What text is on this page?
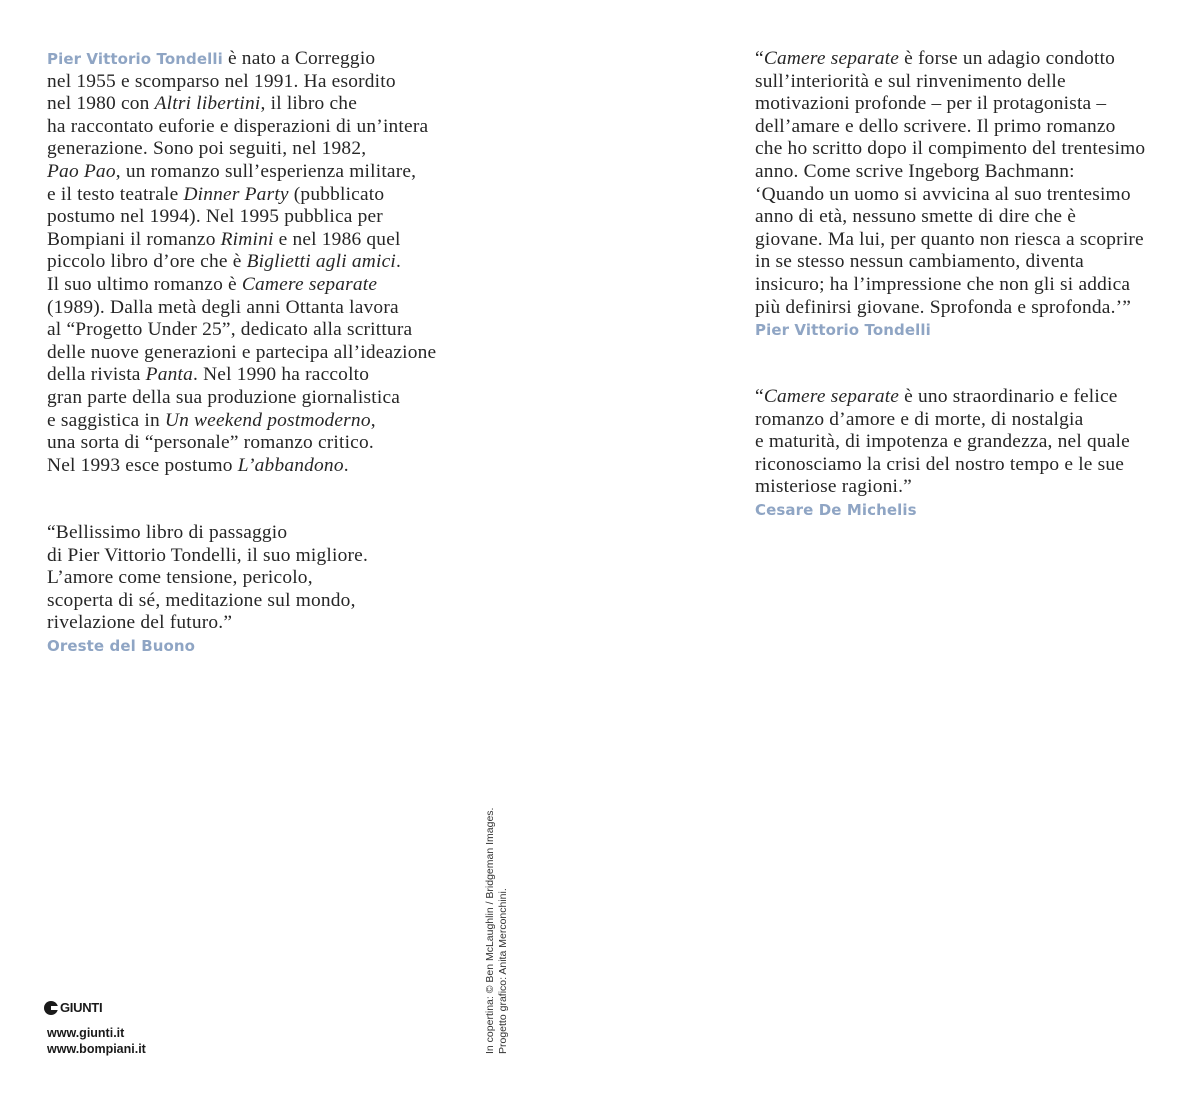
Pier Vittorio Tondelli è nato a Correggio
nel 1955 e scomparso nel 1991. Ha esordito
nel 1980 con Altri libertini, il libro che
ha raccontato euforie e disperazioni di un’intera
generazione. Sono poi seguiti, nel 1982,
Pao Pao, un romanzo sull’esperienza militare,
e il testo teatrale Dinner Party (pubblicato
postumo nel 1994). Nel 1995 pubblica per
Bompiani il romanzo Rimini e nel 1986 quel
piccolo libro d’ore che è Biglietti agli amici.
Il suo ultimo romanzo è Camere separate
(1989). Dalla metà degli anni Ottanta lavora
al “Progetto Under 25”, dedicato alla scrittura
delle nuove generazioni e partecipa all’ideazione
della rivista Panta. Nel 1990 ha raccolto
gran parte della sua produzione giornalistica
e saggistica in Un weekend postmoderno,
una sorta di “personale” romanzo critico.
Nel 1993 esce postumo L’abbandono.
“Bellissimo libro di passaggio
di Pier Vittorio Tondelli, il suo migliore.
L’amore come tensione, pericolo,
scoperta di sé, meditazione sul mondo,
rivelazione del futuro.”
Oreste del Buono
“Camere separate è forse un adagio condotto
sull’interiorità e sul rinvenimento delle
motivazioni profonde – per il protagonista –
dell’amare e dello scrivere. Il primo romanzo
che ho scritto dopo il compimento del trentesimo
anno. Come scrive Ingeborg Bachmann:
‘Quando un uomo si avvicina al suo trentesimo
anno di età, nessuno smette di dire che è
giovane. Ma lui, per quanto non riesca a scoprire
in se stesso nessun cambiamento, diventa
insicuro; ha l’impressione che non gli si addica
più definirsi giovane. Sprofonda e sprofonda.’”
Pier Vittorio Tondelli
“Camere separate è uno straordinario e felice
romanzo d’amore e di morte, di nostalgia
e maturità, di impotenza e grandezza, nel quale
riconosciamo la crisi del nostro tempo e le sue
misteriose ragioni.”
Cesare De Michelis
GIUNTI
www.giunti.it
www.bompiani.it	In copertina: © Ben McLaughlin / Bridgeman Images. Progetto grafico: Anita Merconchini.
